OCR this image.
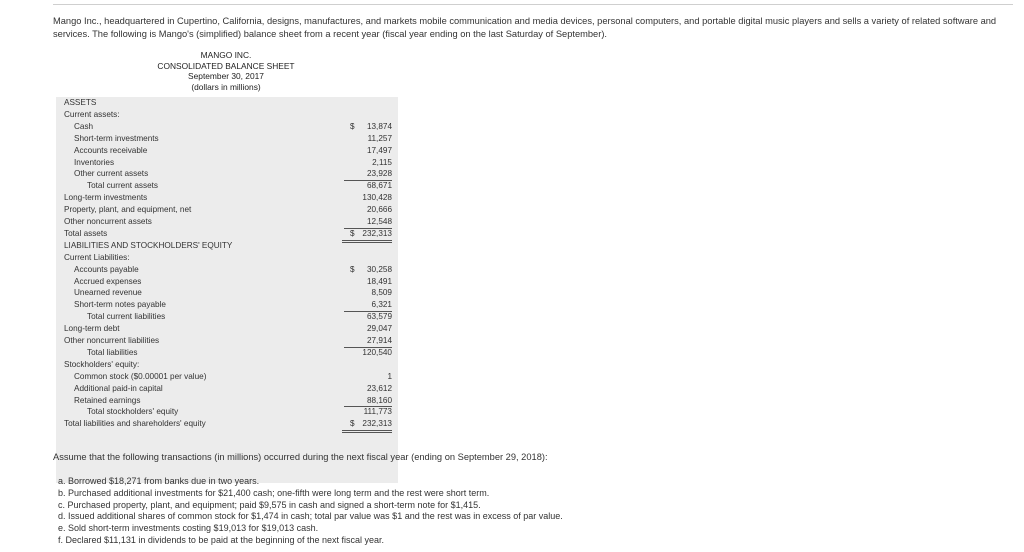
Mango Inc., headquartered in Cupertino, California, designs, manufactures, and markets mobile communication and media devices, personal computers, and portable digital music players and sells a variety of related software and services. The following is Mango's (simplified) balance sheet from a recent year (fiscal year ending on the last Saturday of September).
MANGO INC.
CONSOLIDATED BALANCE SHEET
September 30, 2017
(dollars in millions)
ASSETS
Current assets:
Cash	$	13,874
Short-term investments	11,257
Accounts receivable	17,497
Inventories	2,115
Other current assets	23,928
Total current assets	68,671
Long-term investments	130,428
Property, plant, and equipment, net	20,666
Other noncurrent assets	12,548
Total assets	$ 232,313
LIABILITIES AND STOCKHOLDERS' EQUITY
Current Liabilities:
Accounts payable	$	30,258
Accrued expenses	18,491
Unearned revenue	8,509
Short-term notes payable	6,321
Total current liabilities	63,579
Long-term debt	29,047
Other noncurrent liabilities	27,914
Total liabilities	120,540
Stockholders' equity:
Common stock ($0.00001 per value)	1
Additional paid-in capital	23,612
Retained earnings	88,160
Total stockholders' equity	111,773
Total liabilities and shareholders' equity	$ 232,313
Assume that the following transactions (in millions) occurred during the next fiscal year (ending on September 29, 2018):
a. Borrowed $18,271 from banks due in two years.
b. Purchased additional investments for $21,400 cash; one-fifth were long term and the rest were short term.
c. Purchased property, plant, and equipment; paid $9,575 in cash and signed a short-term note for $1,415.
d. Issued additional shares of common stock for $1,474 in cash; total par value was $1 and the rest was in excess of par value.
e. Sold short-term investments costing $19,013 for $19,013 cash.
f. Declared $11,131 in dividends to be paid at the beginning of the next fiscal year.
